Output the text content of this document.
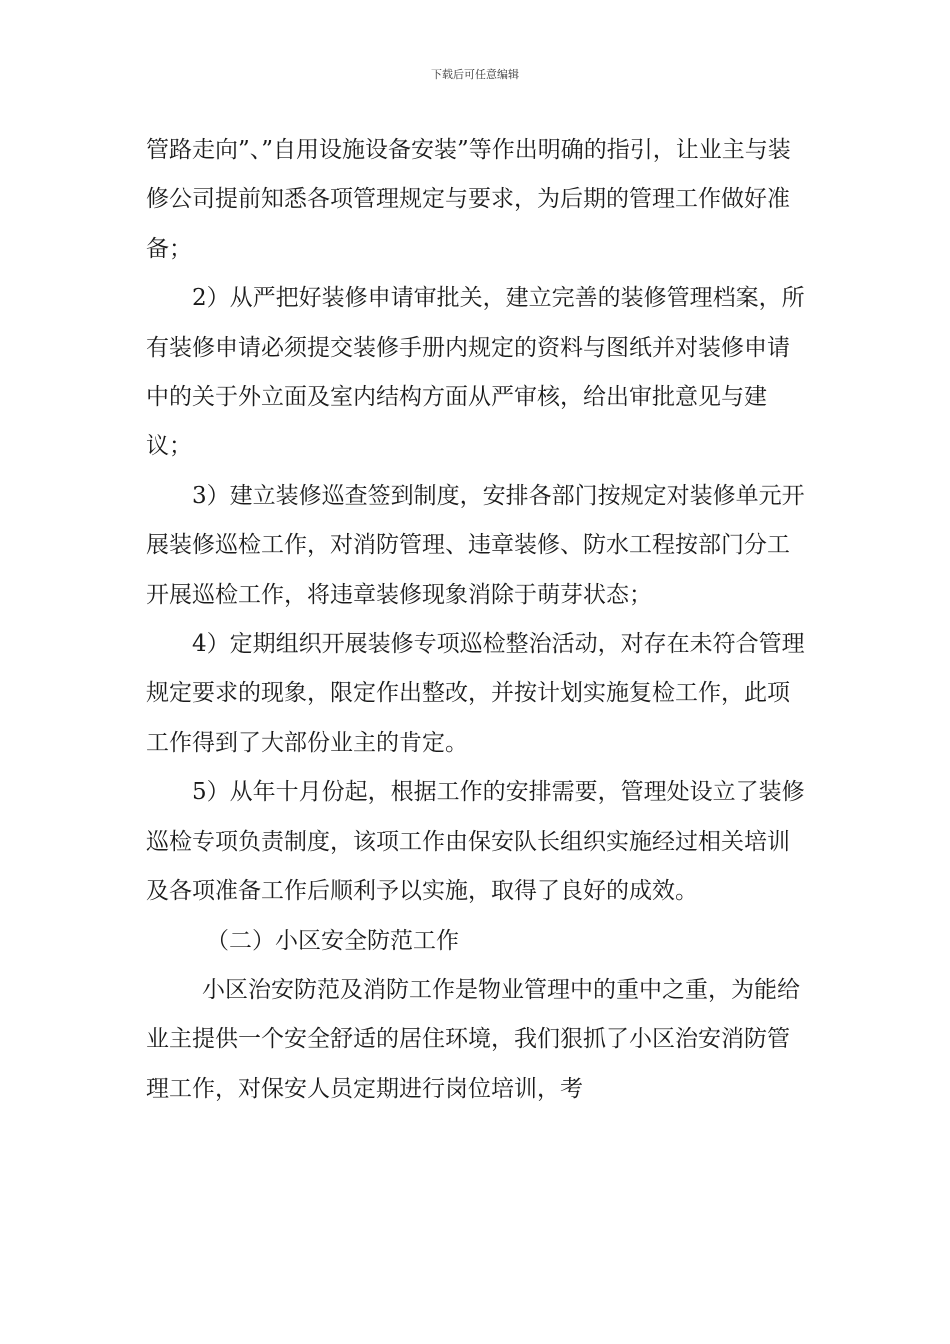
下载后可任意编辑

管路走向”、”自用设施设备安装”等作出明确的指引，让业主与装修公司提前知悉各项管理规定与要求，为后期的管理工作做好准备；

2）从严把好装修申请审批关，建立完善的装修管理档案，所有装修申请必须提交装修手册内规定的资料与图纸并对装修申请中的关于外立面及室内结构方面从严审核，给出审批意见与建议；

3）建立装修巡查签到制度，安排各部门按规定对装修单元开展装修巡检工作，对消防管理、违章装修、防水工程按部门分工开展巡检工作，将违章装修现象消除于萌芽状态；

4）定期组织开展装修专项巡检整治活动，对存在未符合管理规定要求的现象，限定作出整改，并按计划实施复检工作，此项工作得到了大部份业主的肯定。

5）从年十月份起，根据工作的安排需要，管理处设立了装修巡检专项负责制度，该项工作由保安队长组织实施经过相关培训及各项准备工作后顺利予以实施，取得了良好的成效。

（二）小区安全防范工作

小区治安防范及消防工作是物业管理中的重中之重，为能给业主提供一个安全舒适的居住环境，我们狠抓了小区治安消防管理工作，对保安人员定期进行岗位培训，考
